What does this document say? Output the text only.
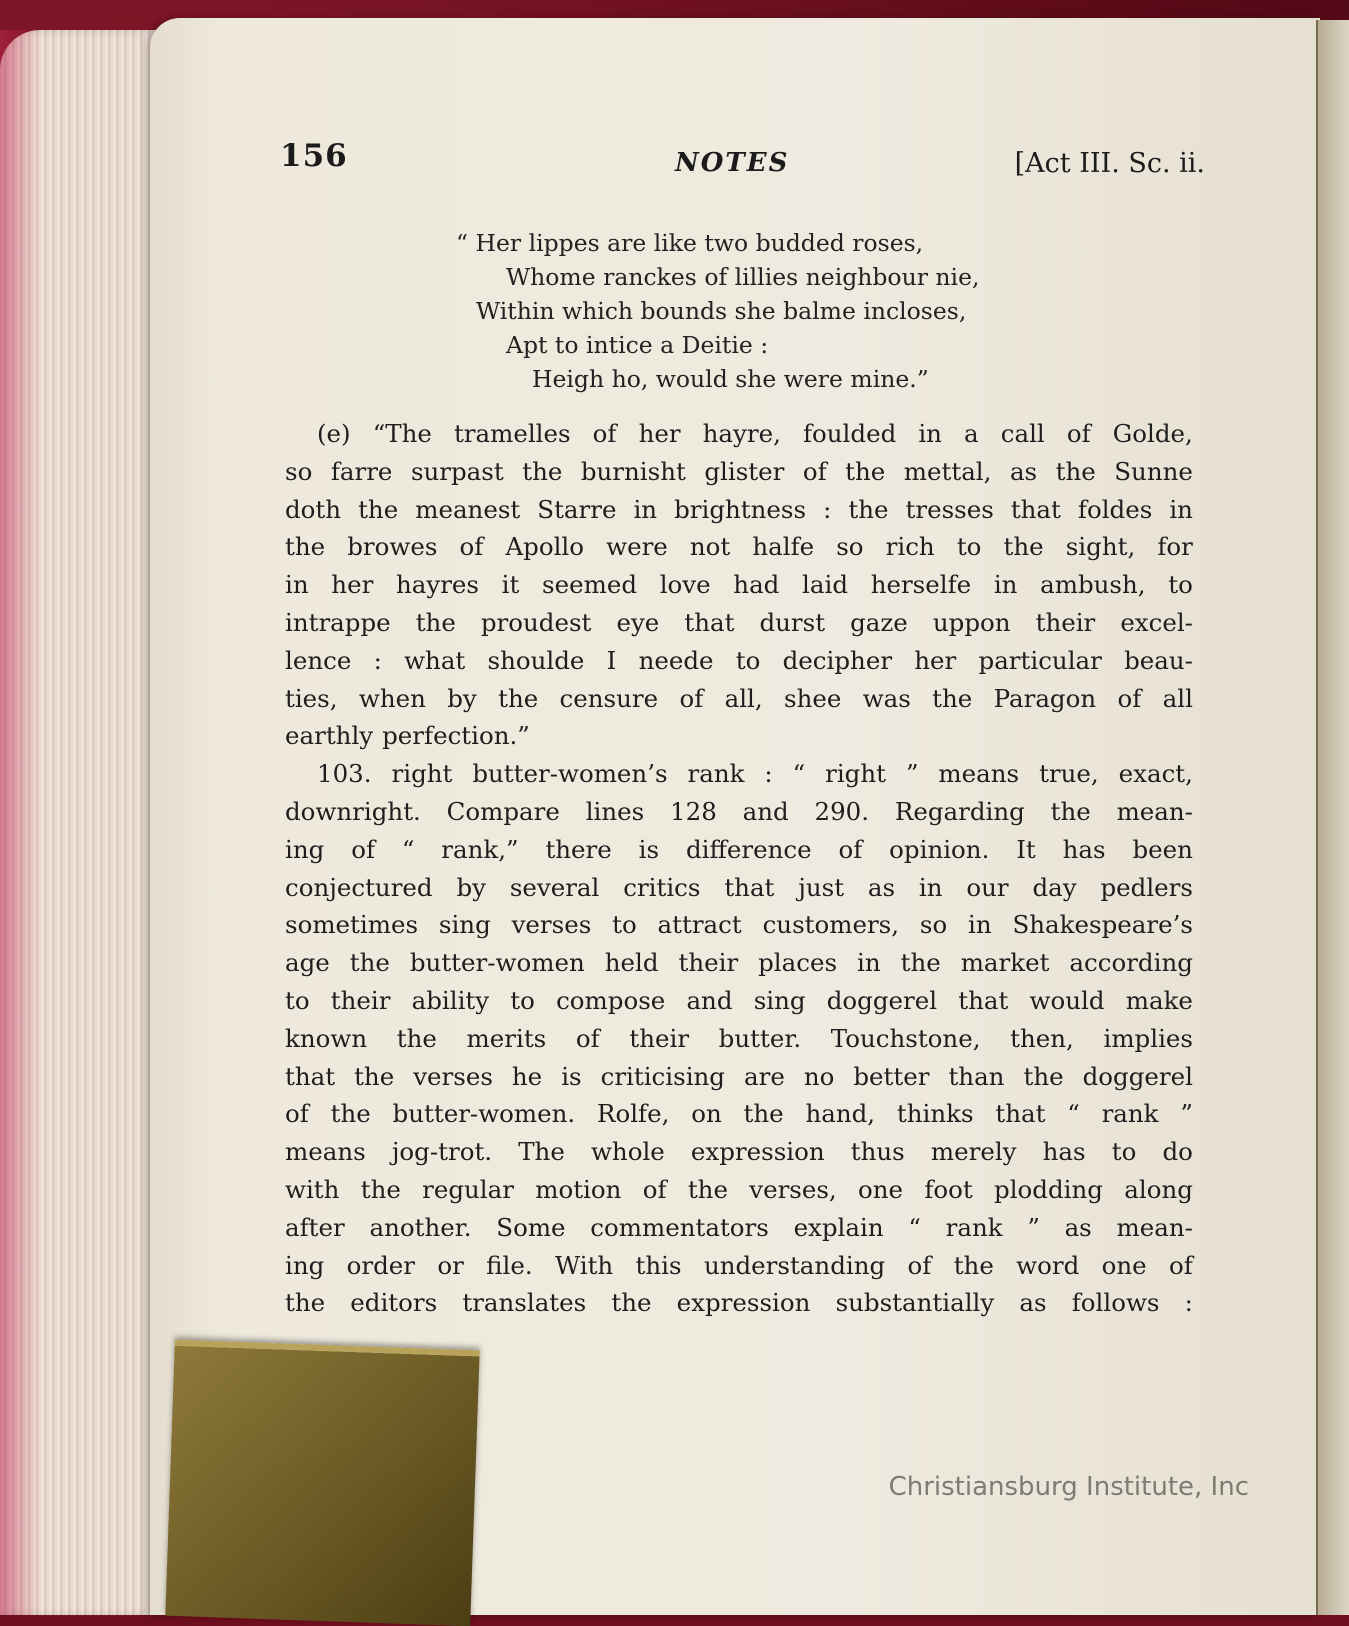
156	NOTES	[Act III. Sc. ii.
“ Her lippes are like two budded roses,
Whome ranckes of lillies neighbour nie,
Within which bounds she balme incloses,
Apt to intice a Deitie :
Heigh ho, would she were mine.”
(e) “The tramelles of her hayre, foulded in a call of Golde,
so farre surpast the burnisht glister of the mettal, as the Sunne
doth the meanest Starre in brightness : the tresses that foldes in
the browes of Apollo were not halfe so rich to the sight, for
in her hayres it seemed love had laid herselfe in ambush, to
intrappe the proudest eye that durst gaze uppon their excel-
lence : what shoulde I neede to decipher her particular beau-
ties, when by the censure of all, shee was the Paragon of all
earthly perfection.”
103. right butter-women’s rank : “ right ” means true, exact,
downright. Compare lines 128 and 290. Regarding the mean-
ing of “ rank,” there is difference of opinion. It has been
conjectured by several critics that just as in our day pedlers
sometimes sing verses to attract customers, so in Shakespeare’s
age the butter-women held their places in the market according
to their ability to compose and sing doggerel that would make
known the merits of their butter. Touchstone, then, implies
that the verses he is criticising are no better than the doggerel
of the butter-women. Rolfe, on the hand, thinks that “ rank ”
means jog-trot. The whole expression thus merely has to do
with the regular motion of the verses, one foot plodding along
after another. Some commentators explain “ rank ” as mean-
ing order or file. With this understanding of the word one of
the editors translates the expression substantially as follows :
Christiansburg Institute, Inc
